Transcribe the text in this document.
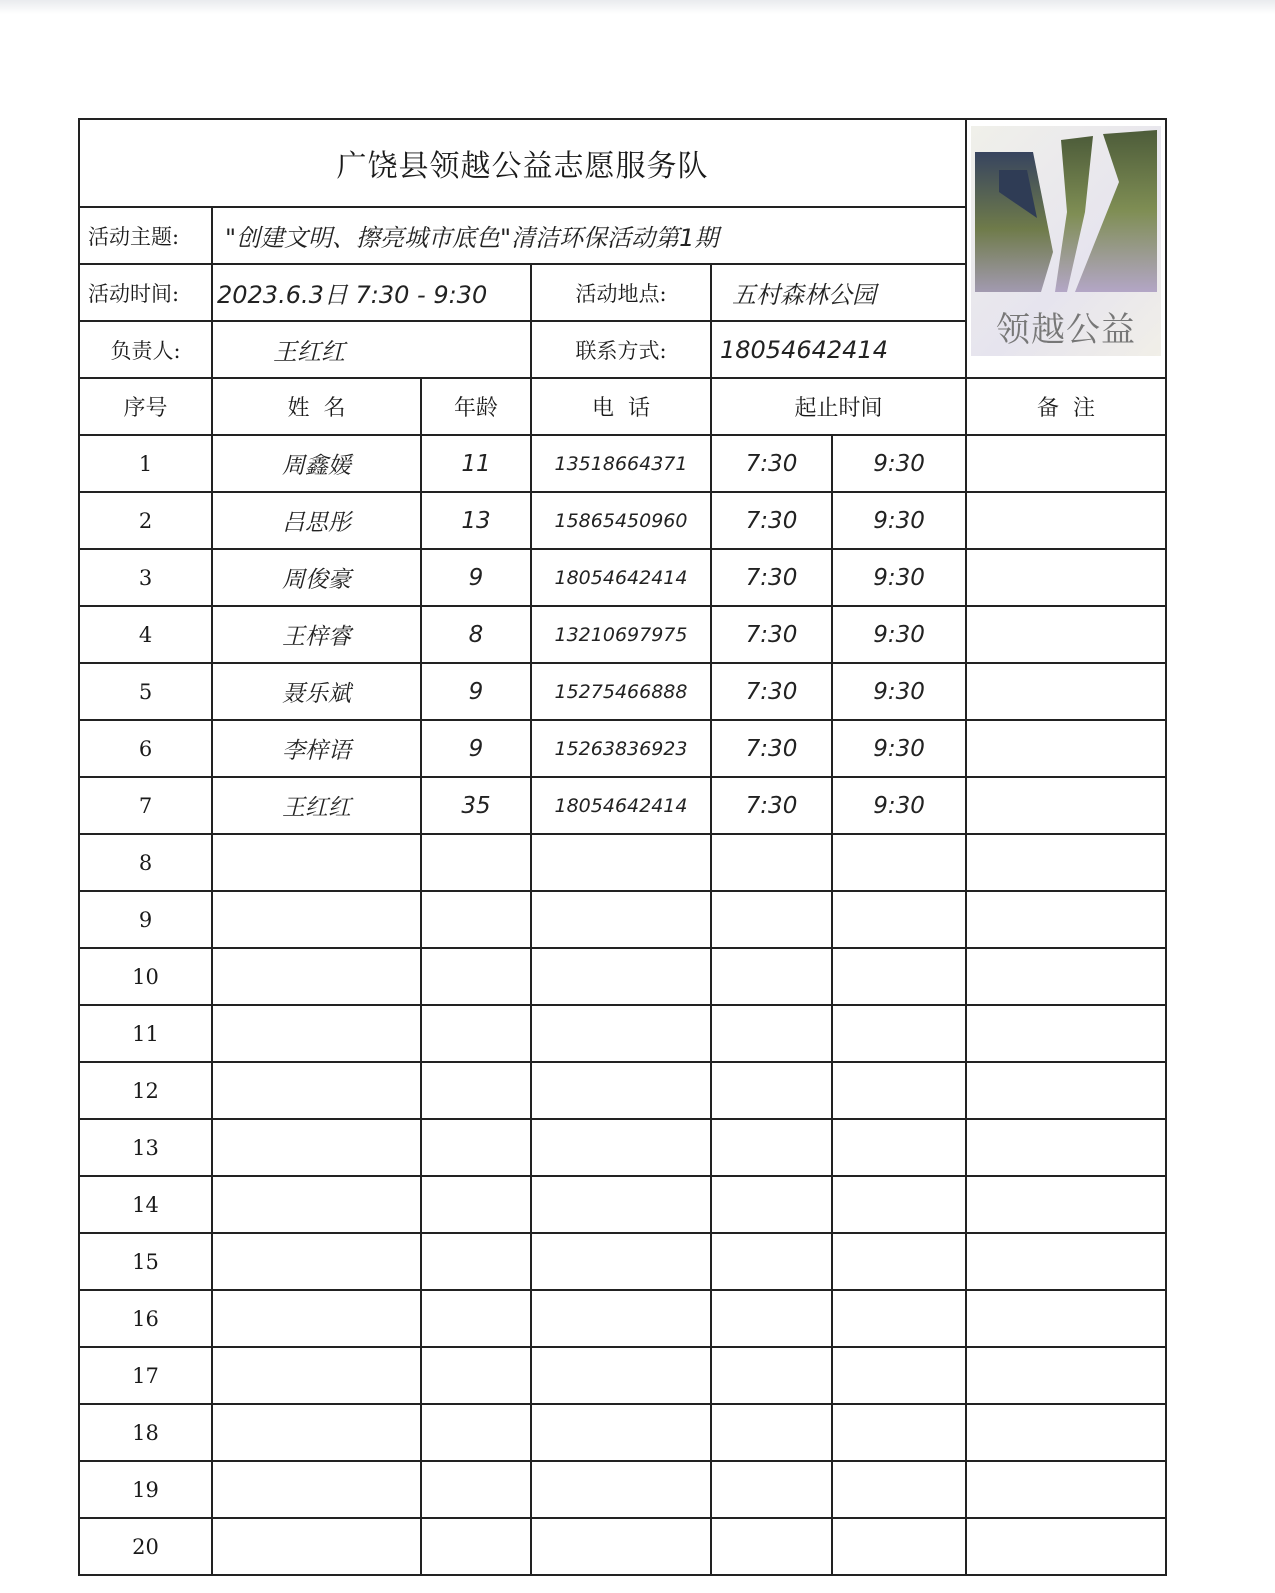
广饶县领越公益志愿服务队						领越公益

活动主题:	"创建文明、擦亮城市底色"清洁环保活动第1期					
活动时间:	2023.6.3日 7:30 - 9:30		活动地点:	五村森林公园		
负责人:	王红红		联系方式:	18054642414		
序号	姓  名	年龄	电  话	起止时间		备  注
1	周鑫媛	11	13518664371	7:30	9:30	
2	吕思彤	13	15865450960	7:30	9:30	
3	周俊豪	9	18054642414	7:30	9:30	
4	王梓睿	8	13210697975	7:30	9:30	
5	聂乐斌	9	15275466888	7:30	9:30	
6	李梓语	9	15263836923	7:30	9:30	
7	王红红	35	18054642414	7:30	9:30	
8						
9						
10						
11						
12						
13						
14						
15						
16						
17						
18						
19						
20						
